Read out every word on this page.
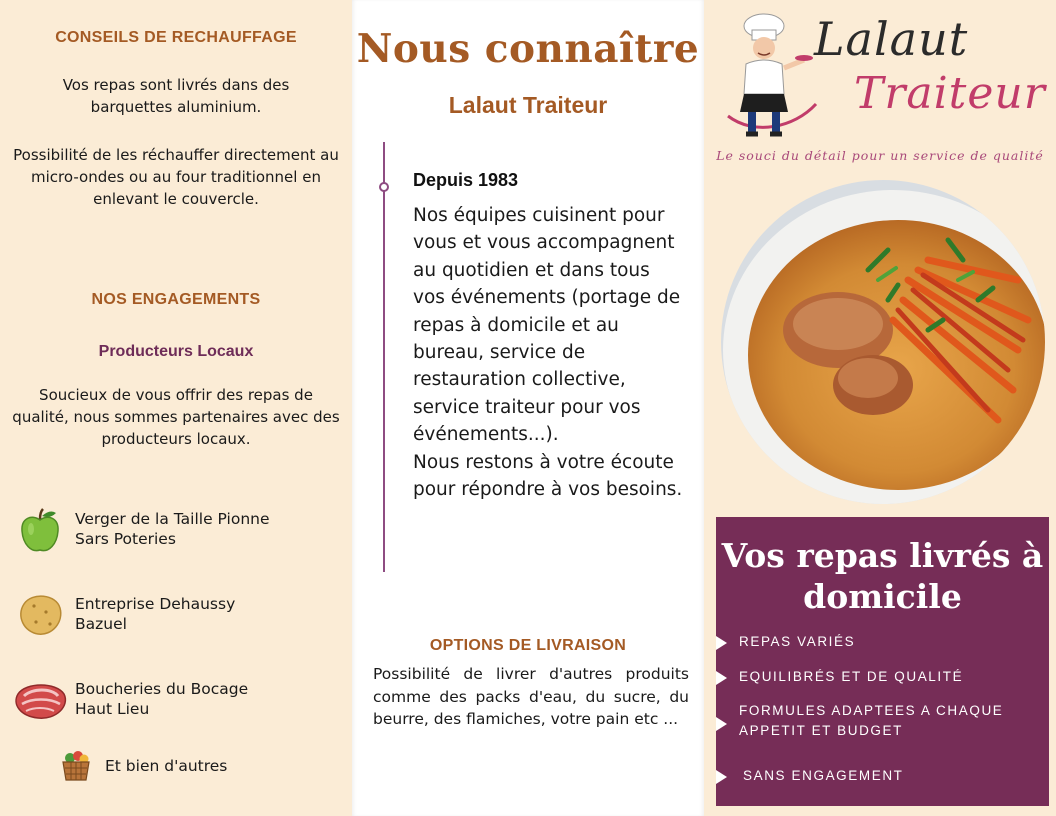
CONSEILS DE RECHAUFFAGE

Vos repas sont livrés dans des barquettes aluminium.

Possibilité de les réchauffer directement au micro-ondes ou au four traditionnel en enlevant le couvercle.

NOS ENGAGEMENTS
Producteurs Locaux

Soucieux de vous offrir des repas de qualité, nous sommes partenaires avec des producteurs locaux.

Verger de la Taille Pionne
Sars Poteries
Entreprise Dehaussy
Bazuel
Boucheries du Bocage
Haut Lieu
Et bien d'autres
Nous connaître
Lalaut Traiteur
Depuis 1983

Nos équipes cuisinent pour vous et vous accompagnent au quotidien et dans tous vos événements (portage de repas à domicile et au bureau, service de restauration collective, service traiteur pour vos événements...).
Nous restons à votre écoute pour répondre à vos besoins.

OPTIONS DE LIVRAISON

Possibilité de livrer d'autres produits comme des packs d'eau, du sucre, du beurre, des flamiches, votre pain etc ...

Lalaut
Traiteur
Le souci du détail pour un service de qualité
Vos repas livrés à domicile
REPAS VARIÉS
EQUILIBRÉS ET DE QUALITÉ
FORMULES ADAPTEES A CHAQUE APPETIT ET BUDGET
SANS ENGAGEMENT
